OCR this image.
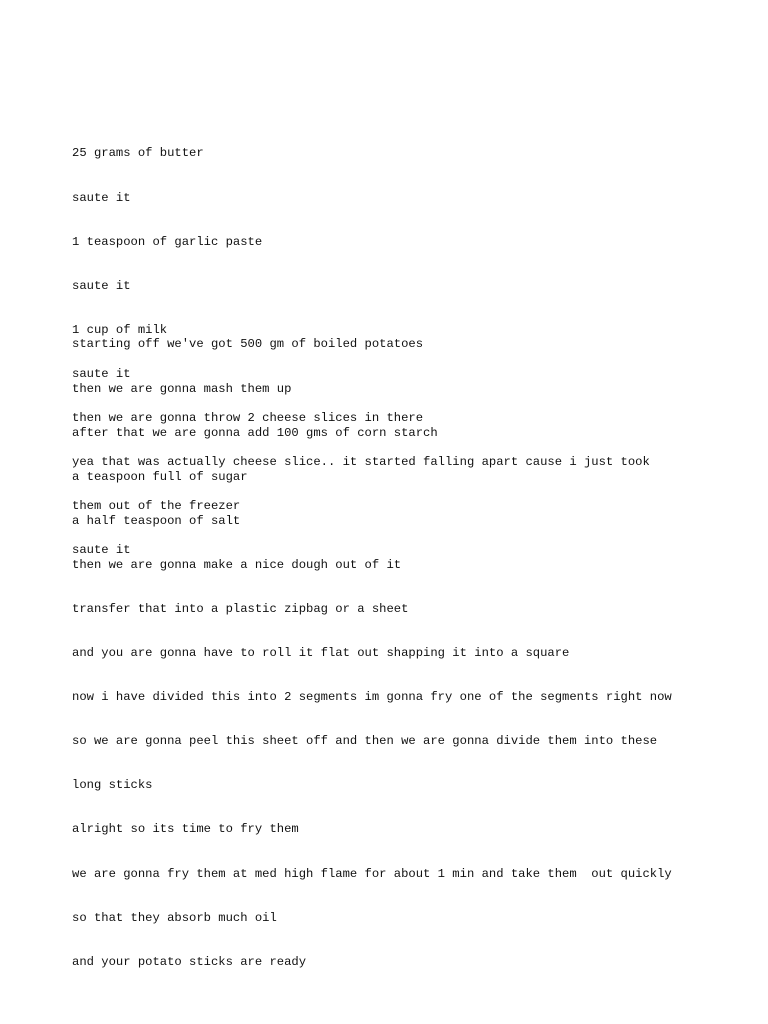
25 grams of butter

saute it

1 teaspoon of garlic paste

saute it

1 cup of milk

saute it

then we are gonna throw 2 cheese slices in there

yea that was actually cheese slice.. it started falling apart cause i just took

them out of the freezer

saute it

starting off we've got 500 gm of boiled potatoes

then we are gonna mash them up

after that we are gonna add 100 gms of corn starch

a teaspoon full of sugar

a half teaspoon of salt

then we are gonna make a nice dough out of it

transfer that into a plastic zipbag or a sheet

and you are gonna have to roll it flat out shapping it into a square

now i have divided this into 2 segments im gonna fry one of the segments right now

so we are gonna peel this sheet off and then we are gonna divide them into these

long sticks

alright so its time to fry them

we are gonna fry them at med high flame for about 1 min and take them  out quickly

so that they absorb much oil

and your potato sticks are ready
